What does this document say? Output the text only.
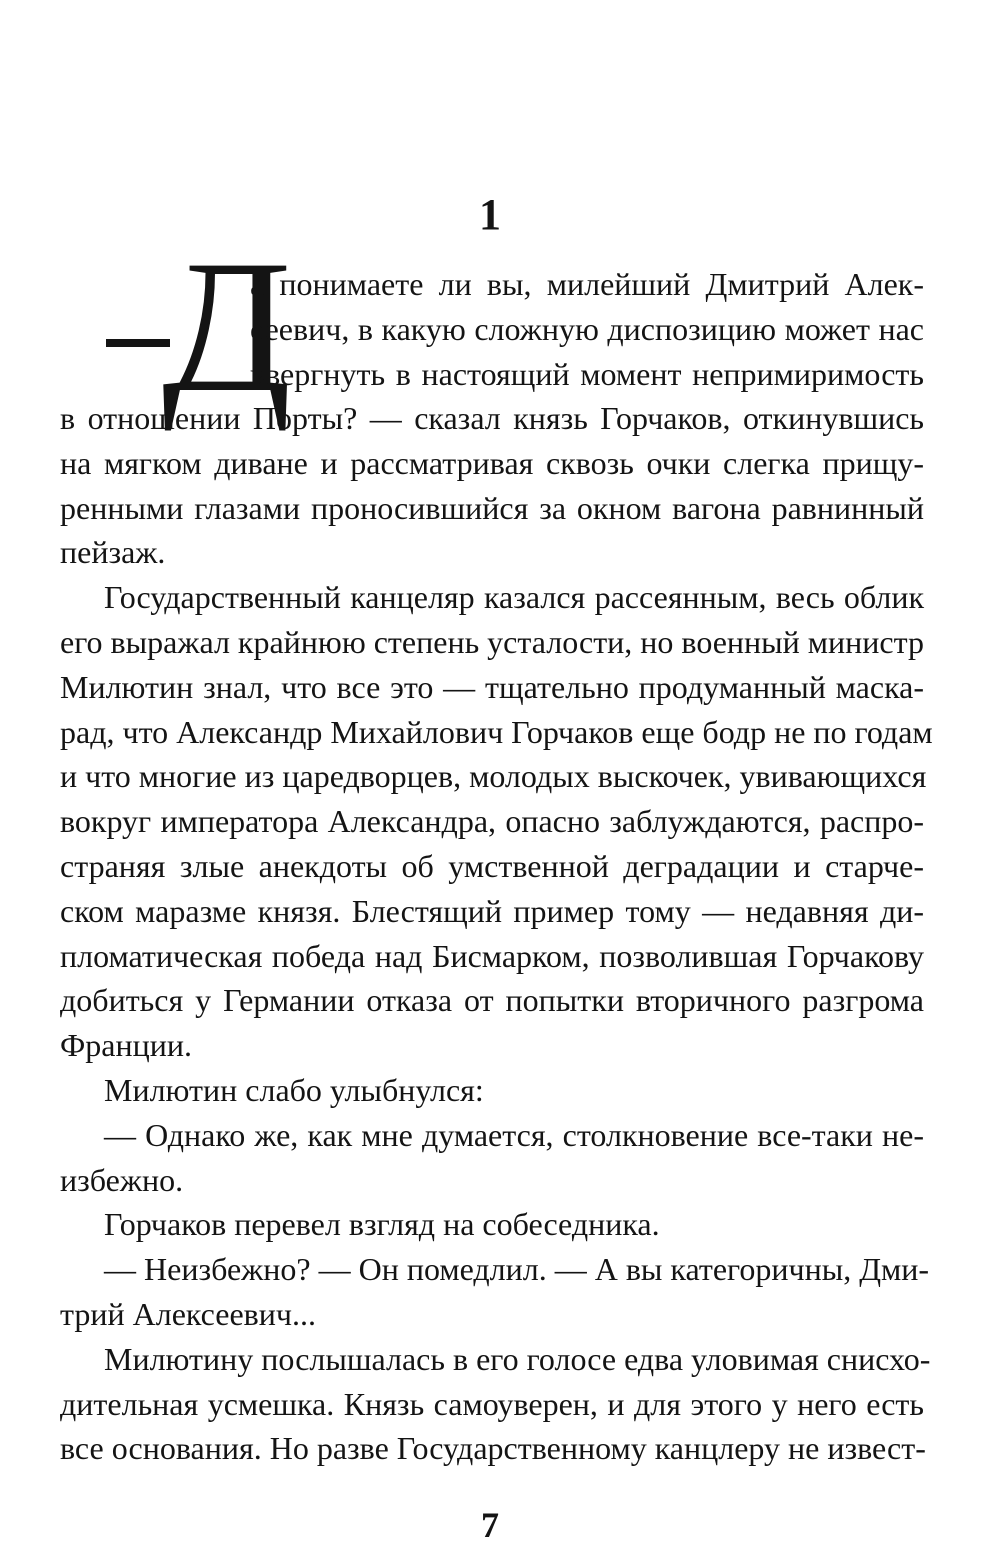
1
Д
а понимаете ли вы, милейший Дмитрий Алек-
сеевич, в какую сложную диспозицию может нас
ввергнуть в настоящий момент непримиримость
в отношении Порты? — сказал князь Горчаков, откинувшись
на мягком диване и рассматривая сквозь очки слегка прищу-
ренными глазами проносившийся за окном вагона равнинный
пейзаж.
Государственный канцеляр казался рассеянным, весь облик
его выражал крайнюю степень усталости, но военный министр
Милютин знал, что все это — тщательно продуманный маска-
рад, что Александр Михайлович Горчаков еще бодр не по годам
и что многие из царедворцев, молодых выскочек, увивающихся
вокруг императора Александра, опасно заблуждаются, распро-
страняя злые анекдоты об умственной деградации и старче-
ском маразме князя. Блестящий пример тому — недавняя ди-
пломатическая победа над Бисмарком, позволившая Горчакову
добиться у Германии отказа от попытки вторичного разгрома
Франции.
Милютин слабо улыбнулся:
— Однако же, как мне думается, столкновение все-таки не-
избежно.
Горчаков перевел взгляд на собеседника.
— Неизбежно? — Он помедлил. — А вы категоричны, Дми-
трий Алексеевич...
Милютину послышалась в его голосе едва уловимая снисхо-
дительная усмешка. Князь самоуверен, и для этого у него есть
все основания. Но разве Государственному канцлеру не извест-
7
